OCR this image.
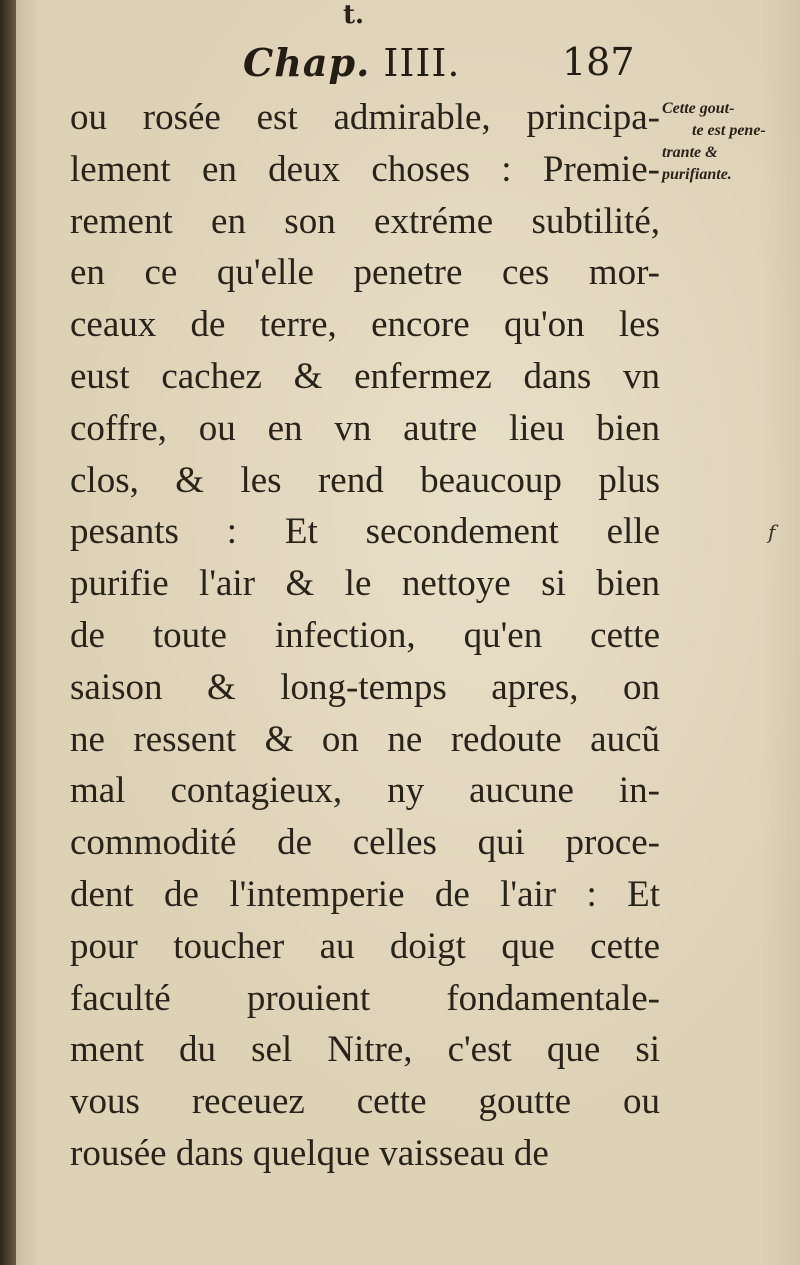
t.
Chap. IIII.	187
ou rosée est admirable, principa-
lement en deux choses : Premie-
rement en son extréme subtilité,
en ce qu'elle penetre ces mor-
ceaux de terre, encore qu'on les
eust cachez & enfermez dans vn
coffre, ou en vn autre lieu bien
clos, & les rend beaucoup plus
pesants : Et secondement elle
purifie l'air & le nettoye si bien
de toute infection, qu'en cette
saison & long-temps apres, on
ne ressent & on ne redoute aucũ
mal contagieux, ny aucune in-
commodité de celles qui proce-
dent de l'intemperie de l'air : Et
pour toucher au doigt que cette
faculté prouient fondamentale-
ment du sel Nitre, c'est que si
vous receuez cette goutte ou
rousée dans quelque vaisseau de
Cette gout-
te est pene-
trante &
purifiante.
f
